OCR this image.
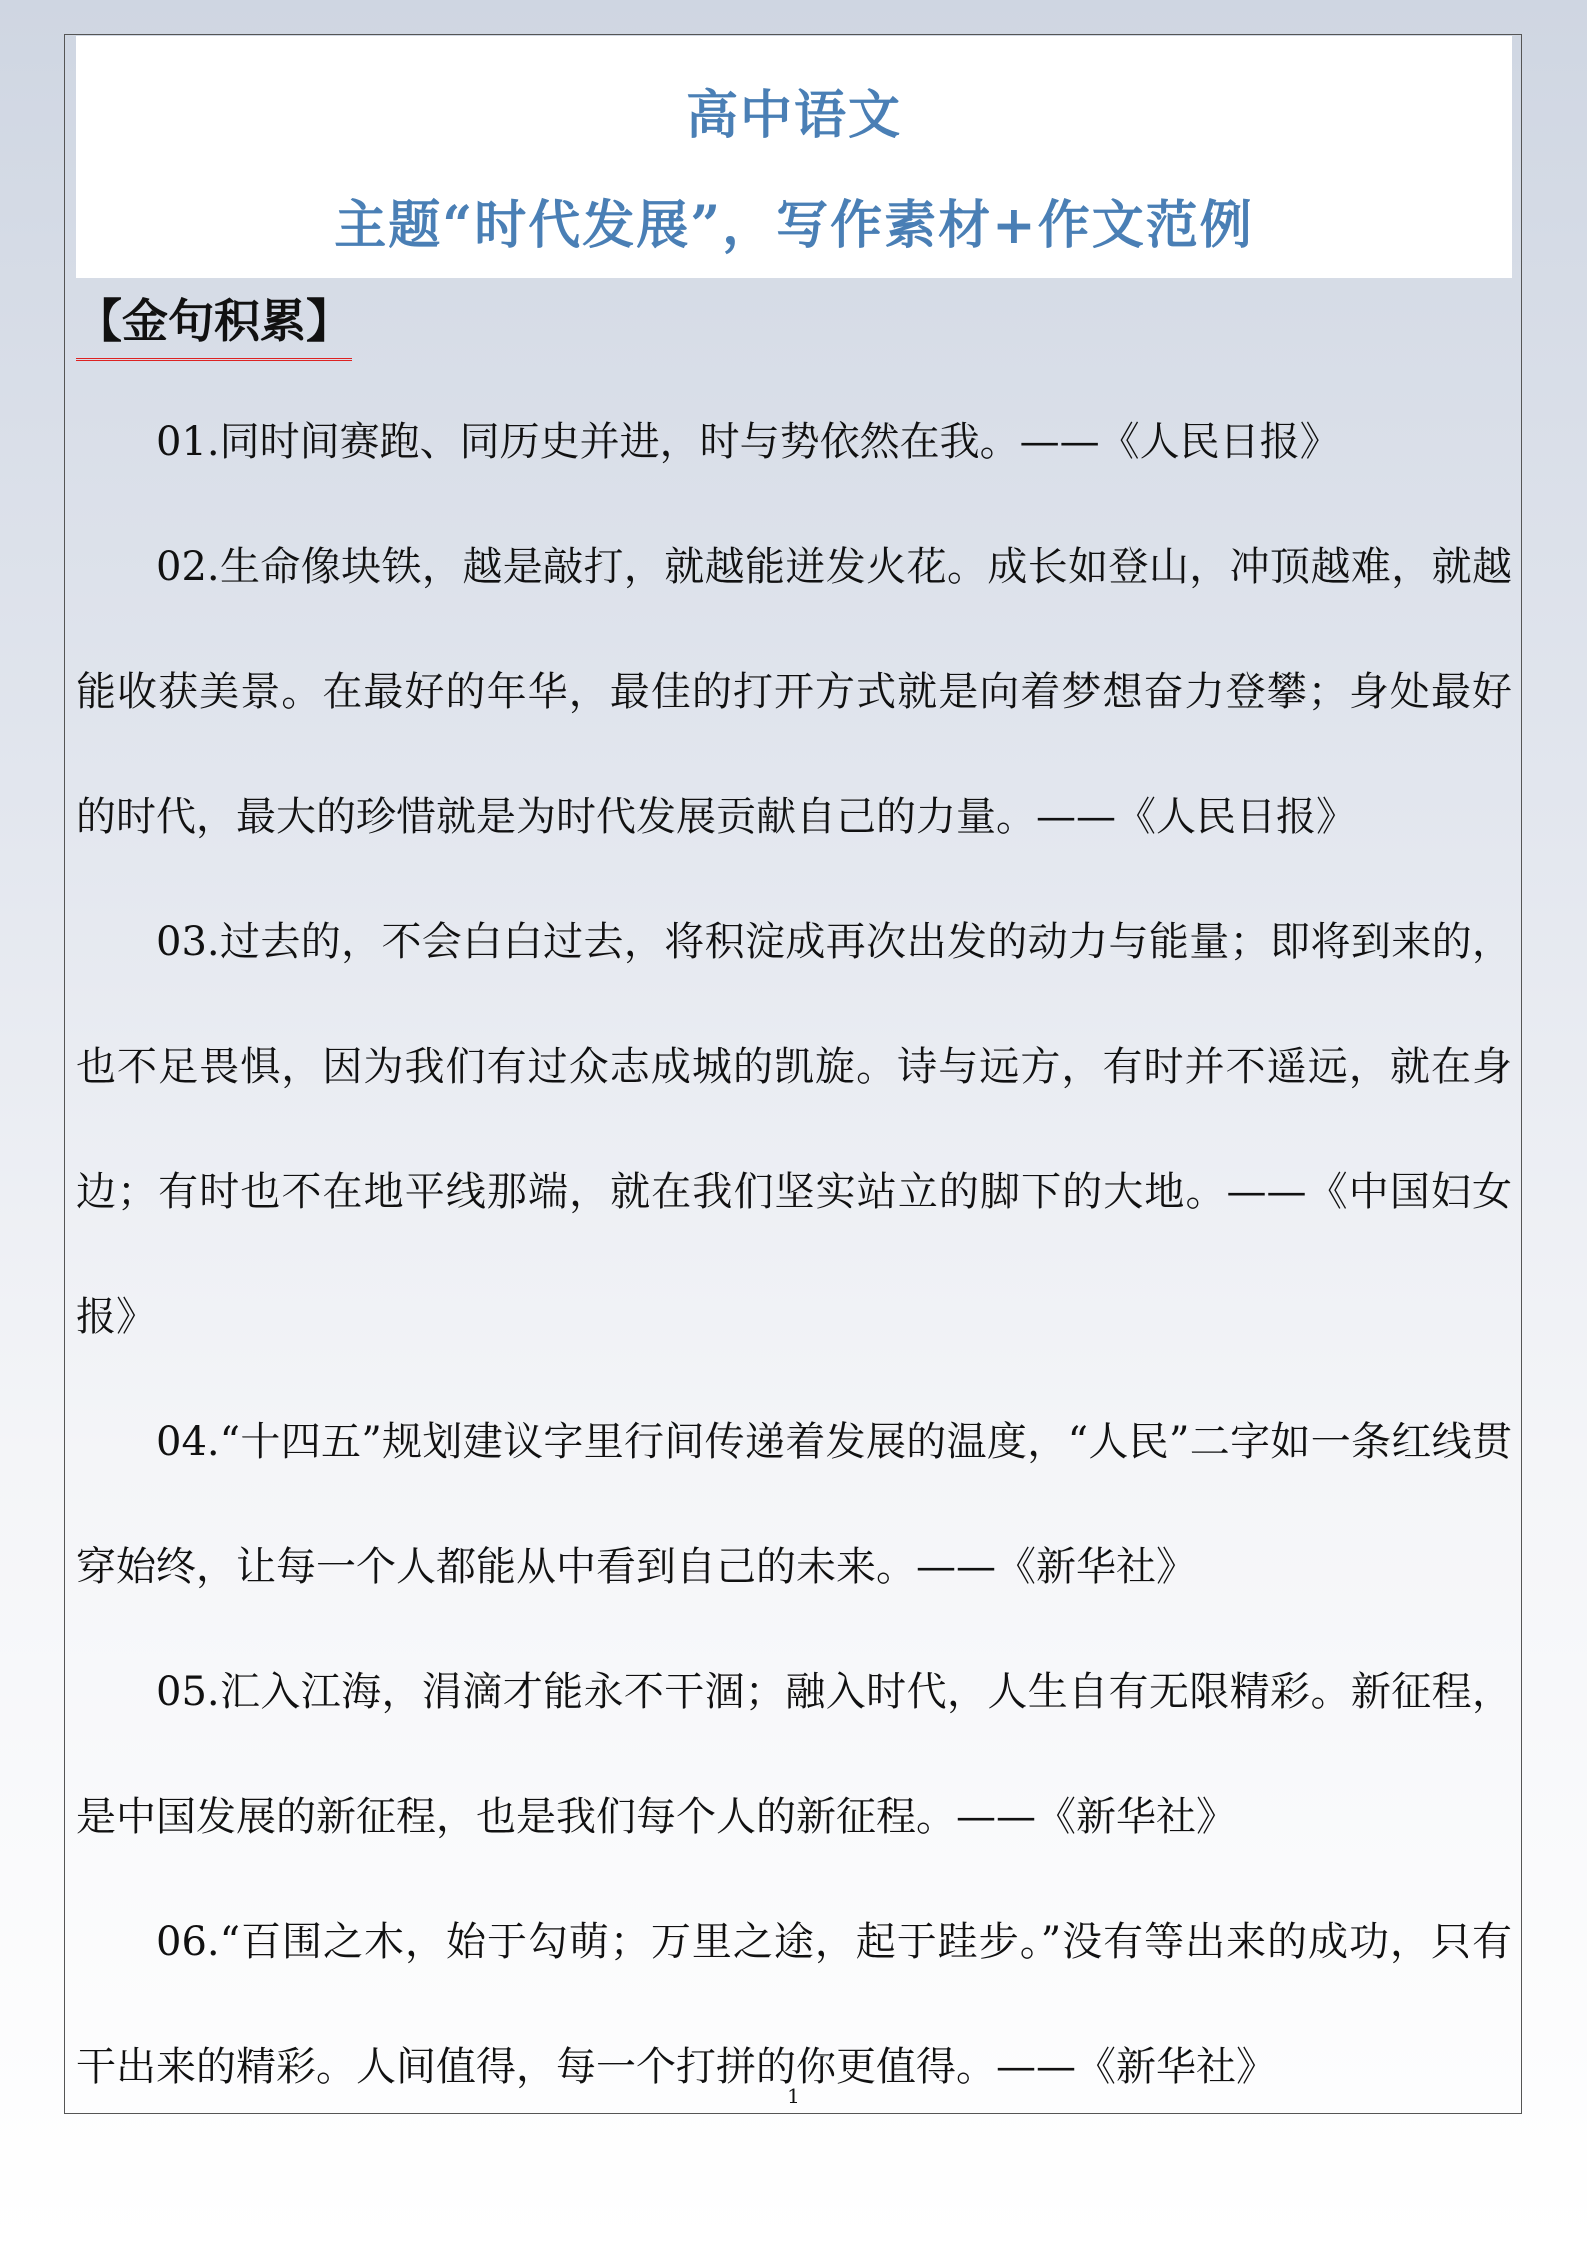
高中语文
主题“时代发展”，写作素材+作文范例
【金句积累】

01.同时间赛跑、同历史并进，时与势依然在我。——《人民日报》

02.生命像块铁，越是敲打，就越能迸发火花。成长如登山，冲顶越难，就越能收获美景。在最好的年华，最佳的打开方式就是向着梦想奋力登攀；身处最好的时代，最大的珍惜就是为时代发展贡献自己的力量。——《人民日报》

03.过去的，不会白白过去，将积淀成再次出发的动力与能量；即将到来的，也不足畏惧，因为我们有过众志成城的凯旋。诗与远方，有时并不遥远，就在身边；有时也不在地平线那端，就在我们坚实站立的脚下的大地。——《中国妇女报》

04.“十四五”规划建议字里行间传递着发展的温度，“人民”二字如一条红线贯穿始终，让每一个人都能从中看到自己的未来。——《新华社》

05.汇入江海，涓滴才能永不干涸；融入时代，人生自有无限精彩。新征程，是中国发展的新征程，也是我们每个人的新征程。——《新华社》

06.“百围之木，始于勾萌；万里之途，起于跬步。”没有等出来的成功，只有干出来的精彩。人间值得，每一个打拼的你更值得。——《新华社》

1
